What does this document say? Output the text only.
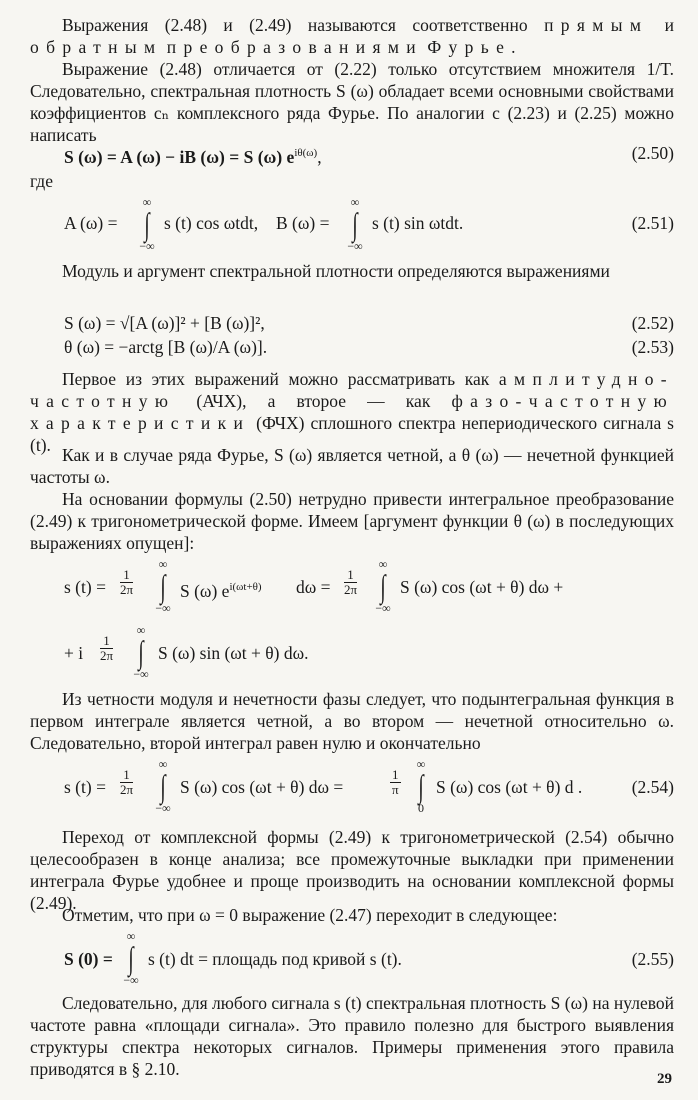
Выражения (2.48) и (2.49) называются соответственно прямым и обратным преобразованиями Фурье.

Выражение (2.48) отличается от (2.22) только отсутствием множителя 1/T. Следовательно, спектральная плотность S (ω) обладает всеми основными свойствами коэффициентов cₙ комплексного ряда Фурье. По аналогии с (2.23) и (2.25) можно написать

S (ω) = A (ω) − iB (ω) = S (ω) $e^{i\theta(\omega)}$,	(2.50)

где

A (ω) =
∞
∫
−∞
s (t) cos ωtdt, B (ω) =
∞
∫
−∞
s (t) sin ωtdt.	(2.51)

Модуль и аргумент спектральной плотности определяются выражениями

S (ω) = √[A (ω)]² + [B (ω)]²,	(2.52)
θ (ω) = −arctg [B (ω)/A (ω)].	(2.53)

Первое из этих выражений можно рассматривать как амплитудно-частотную (АЧХ), а второе — как фазо-частотную характеристики (ФЧХ) сплошного спектра непериодического сигнала s (t). Как и в случае ряда Фурье, S (ω) является четной, а θ (ω) — нечетной функцией частоты ω.

На основании формулы (2.50) нетрудно привести интегральное преобразование (2.49) к тригонометрической форме. Имеем [аргумент функции θ (ω) в последующих выражениях опущен]:

s $(t) = \frac{1}{2\pi}$
∞
∫
−∞
S (ω) $e^{i(\omega t+\theta)}$ $d\omega = \frac{1}{2\pi}$
∞
∫
−∞
S (ω) cos (ωt + θ) dω +
+ i $\frac{1}{2\pi}$
∞
∫
−∞
S (ω) sin (ωt + θ) dω.

Из четности модуля и нечетности фазы следует, что подынтегральная функция в первом интеграле является четной, а во втором — нечетной относительно ω. Следовательно, второй интеграл равен нулю и окончательно

s $(t) = \frac{1}{2\pi}$
∞
∫
−∞
S (ω) cos (ωt + θ) dω =	$\frac{1}{\pi}$
∞
∫
0
S (ω) cos (ωt + θ) d .	(2.54)

Переход от комплексной формы (2.49) к тригонометрической (2.54) обычно целесообразен в конце анализа; все промежуточные выкладки при применении интеграла Фурье удобнее и проще производить на основании комплексной формы (2.49).

Отметим, что при ω = 0 выражение (2.47) переходит в следующее:

S (0) =
∞
∫
−∞
s (t) dt = площадь под кривой s (t).	(2.55)

Следовательно, для любого сигнала s (t) спектральная плотность S (ω) на нулевой частоте равна «площади сигнала». Это правило полезно для быстрого выявления структуры спектра некоторых сигналов. Примеры применения этого правила приводятся в § 2.10.	29
